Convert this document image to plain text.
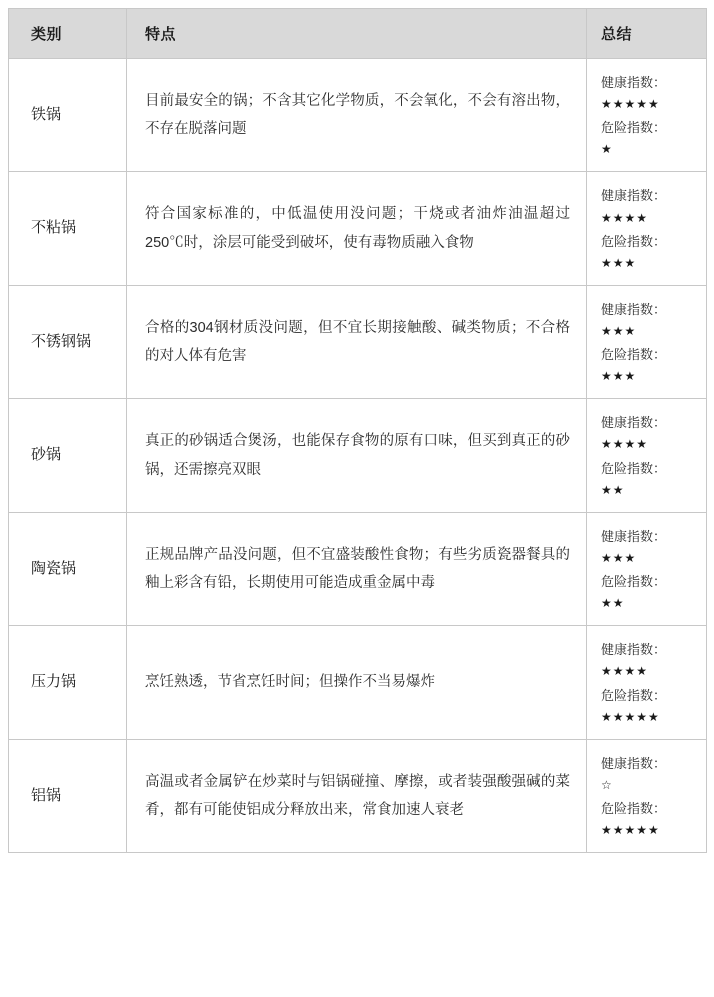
类别	特点	总结
铁锅	目前最安全的锅；不含其它化学物质，不会氧化，不会有溶出物，不存在脱落问题	健康指数：
★★★★★
危险指数：
★

不粘锅	符合国家标准的，中低温使用没问题；干烧或者油炸油温超过250℃时，涂层可能受到破坏，使有毒物质融入食物	健康指数：
★★★★
危险指数：
★★★

不锈钢锅	合格的304钢材质没问题，但不宜长期接触酸、碱类物质；不合格的对人体有危害	健康指数：
★★★
危险指数：
★★★

砂锅	真正的砂锅适合煲汤，也能保存食物的原有口味，但买到真正的砂锅，还需擦亮双眼	健康指数：
★★★★
危险指数：
★★

陶瓷锅	正规品牌产品没问题，但不宜盛装酸性食物；有些劣质瓷器餐具的釉上彩含有铅，长期使用可能造成重金属中毒	健康指数：
★★★
危险指数：
★★

压力锅	烹饪熟透，节省烹饪时间；但操作不当易爆炸	健康指数：
★★★★
危险指数：
★★★★★

铝锅	高温或者金属铲在炒菜时与铝锅碰撞、摩擦，或者装强酸强碱的菜肴，都有可能使铝成分释放出来，常食加速人衰老	健康指数：
☆
危险指数：
★★★★★
